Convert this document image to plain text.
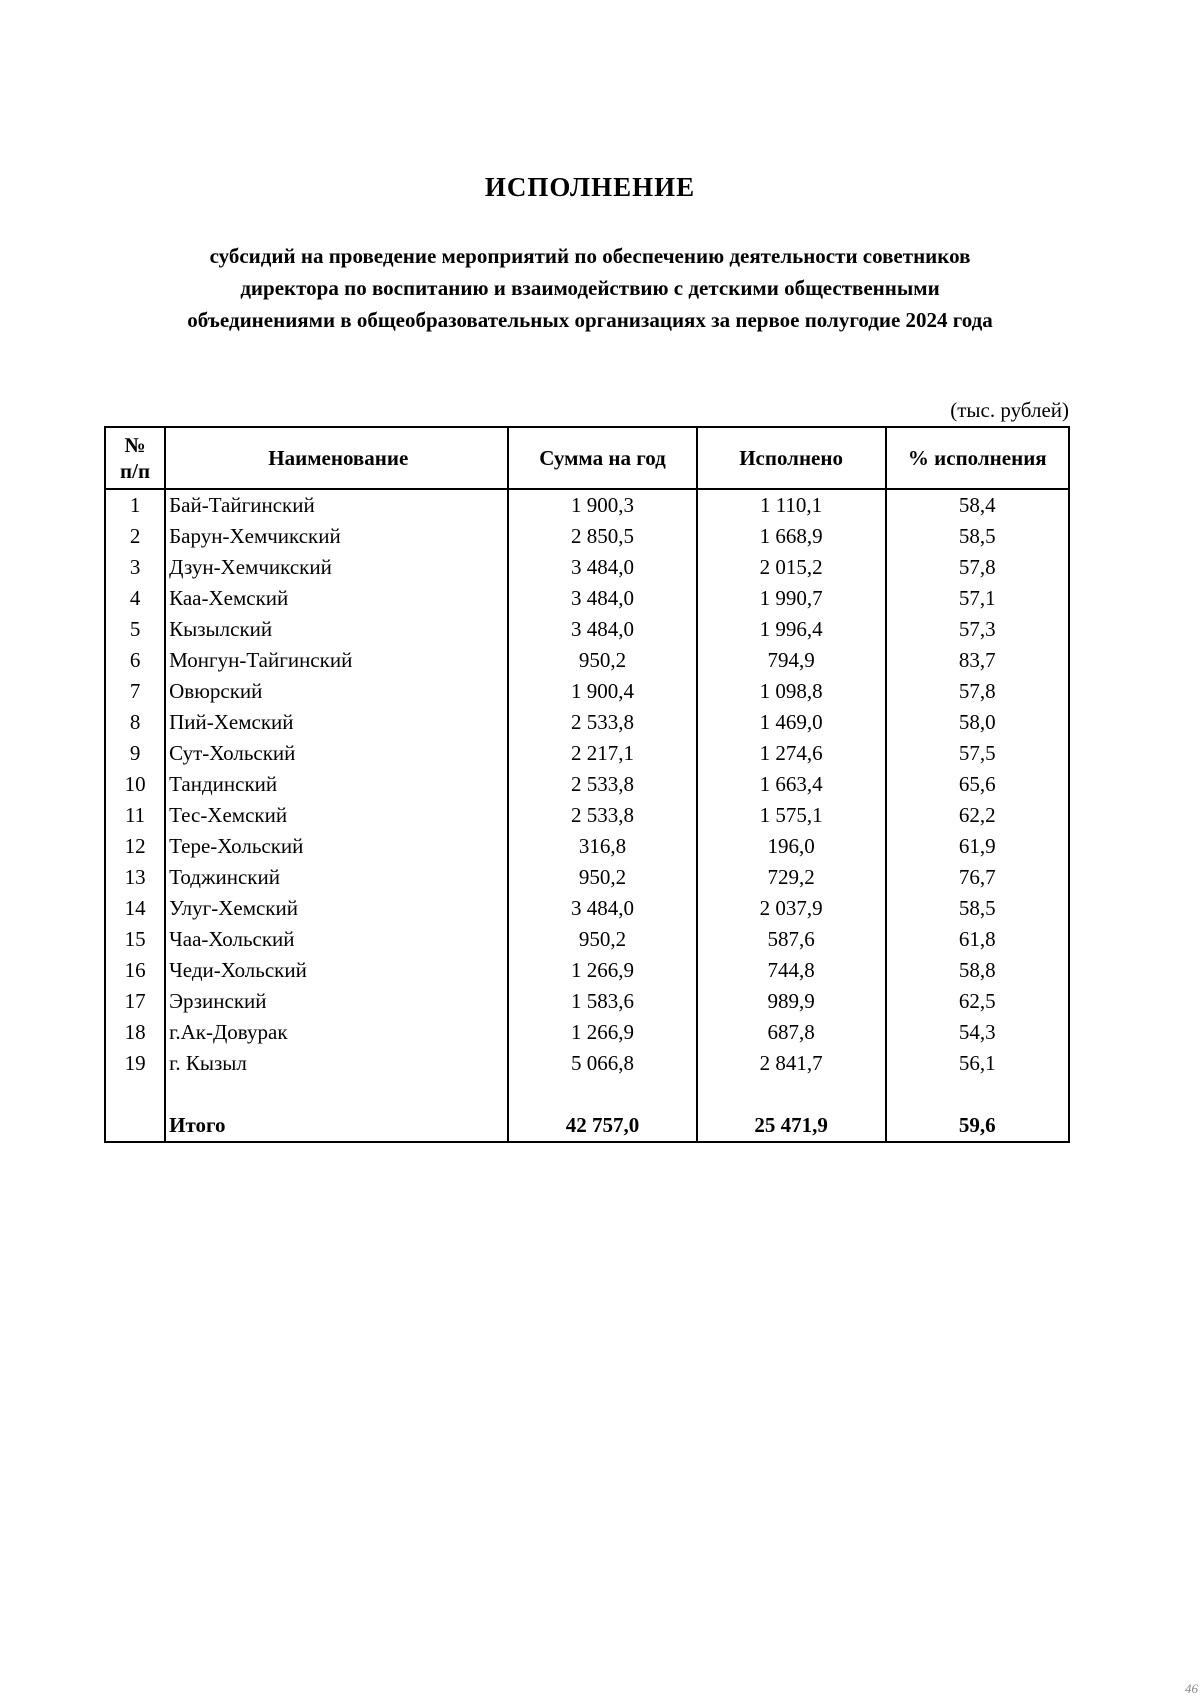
ИСПОЛНЕНИЕ
субсидий на проведение мероприятий по обеспечению деятельности советников
директора по воспитанию и взаимодействию с детскими общественными
объединениями в общеобразовательных организациях за первое полугодие 2024 года
(тыс. рублей)
№
п/п	Наименование	Сумма на год	Исполнено	% исполнения
1	Бай-Тайгинский	1 900,3	1 110,1	58,4
2	Барун-Хемчикский	2 850,5	1 668,9	58,5
3	Дзун-Хемчикский	3 484,0	2 015,2	57,8
4	Каа-Хемский	3 484,0	1 990,7	57,1
5	Кызылский	3 484,0	1 996,4	57,3
6	Монгун-Тайгинский	950,2	794,9	83,7
7	Овюрский	1 900,4	1 098,8	57,8
8	Пий-Хемский	2 533,8	1 469,0	58,0
9	Сут-Хольский	2 217,1	1 274,6	57,5
10	Тандинский	2 533,8	1 663,4	65,6
11	Тес-Хемский	2 533,8	1 575,1	62,2
12	Тере-Хольский	316,8	196,0	61,9
13	Тоджинский	950,2	729,2	76,7
14	Улуг-Хемский	3 484,0	2 037,9	58,5
15	Чаа-Хольский	950,2	587,6	61,8
16	Чеди-Хольский	1 266,9	744,8	58,8
17	Эрзинский	1 583,6	989,9	62,5
18	г.Ак-Довурак	1 266,9	687,8	54,3
19	г. Кызыл	5 066,8	2 841,7	56,1

	Итого	42 757,0	25 471,9	59,6
46
